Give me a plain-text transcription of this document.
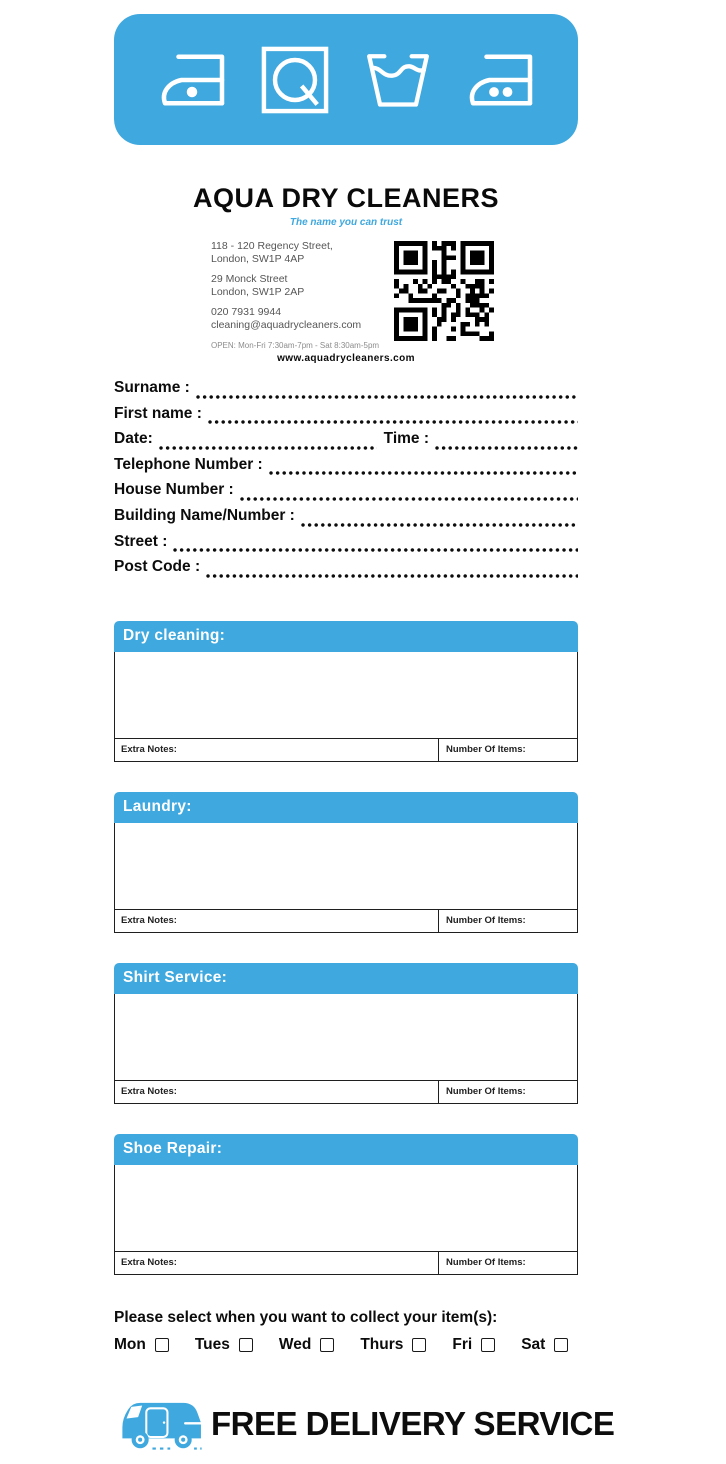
AQUA DRY CLEANERS
The name you can trust
118 - 120 Regency Street,
London, SW1P 4AP
29 Monck Street
London, SW1P 2AP
020 7931 9944
cleaning@aquadrycleaners.com
OPEN: Mon-Fri 7:30am-7pm - Sat 8:30am-5pm
www.aquadrycleaners.com
Surname :
First name :
Date:	Time :
Telephone Number :
House Number :
Building Name/Number :
Street :
Post Code :
Dry cleaning:
Extra Notes:	Number Of Items:
Laundry:
Extra Notes:	Number Of Items:
Shirt Service:
Extra Notes:	Number Of Items:
Shoe Repair:
Extra Notes:	Number Of Items:
Please select when you want to collect your item(s):
Mon	Tues	Wed	Thurs	Fri	Sat
FREE DELIVERY SERVICE
